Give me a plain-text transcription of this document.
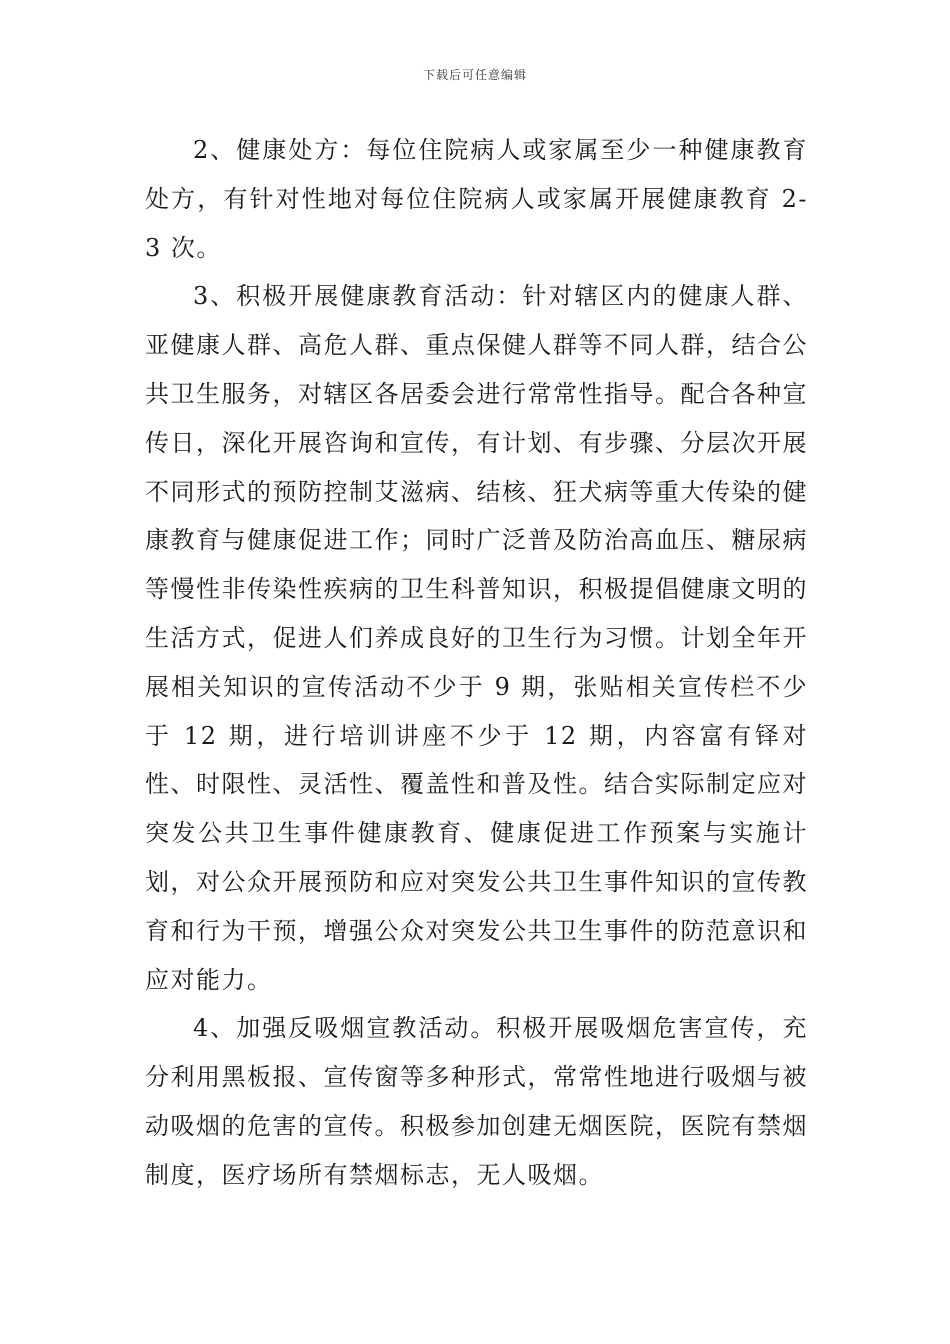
下载后可任意编辑

2、健康处方：每位住院病人或家属至少一种健康教育处方，有针对性地对每位住院病人或家属开展健康教育 2-3 次。

3、积极开展健康教育活动：针对辖区内的健康人群、亚健康人群、高危人群、重点保健人群等不同人群，结合公共卫生服务，对辖区各居委会进行常常性指导。配合各种宣传日，深化开展咨询和宣传，有计划、有步骤、分层次开展不同形式的预防控制艾滋病、结核、狂犬病等重大传染的健康教育与健康促进工作；同时广泛普及防治高血压、糖尿病等慢性非传染性疾病的卫生科普知识，积极提倡健康文明的生活方式，促进人们养成良好的卫生行为习惯。计划全年开展相关知识的宣传活动不少于 9 期，张贴相关宣传栏不少于 12 期，进行培训讲座不少于 12 期，内容富有铎对性、时限性、灵活性、覆盖性和普及性。结合实际制定应对突发公共卫生事件健康教育、健康促进工作预案与实施计划，对公众开展预防和应对突发公共卫生事件知识的宣传教育和行为干预，增强公众对突发公共卫生事件的防范意识和应对能力。

4、加强反吸烟宣教活动。积极开展吸烟危害宣传，充分利用黑板报、宣传窗等多种形式，常常性地进行吸烟与被动吸烟的危害的宣传。积极参加创建无烟医院，医院有禁烟制度，医疗场所有禁烟标志，无人吸烟。
